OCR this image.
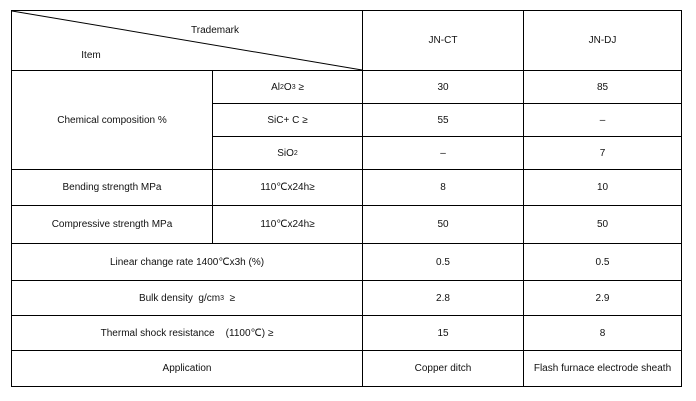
Trademark
Item
JN-CT	JN-DJ
Chemical composition %
Al 2 O 3 ≥	30	85
SiC+ C ≥	55	–
SiO 2	–	7
Bending strength MPa	110℃x24h≥	8	10
Compressive strength MPa	110℃x24h≥	50	50
Linear change rate 1400℃x3h (%)	0.5	0.5
Bulk density  g/cm 3 ≥	2.8	2.9
Thermal shock resistance    (1100℃) ≥	15	8
Application	Copper ditch	Flash furnace electrode sheath
